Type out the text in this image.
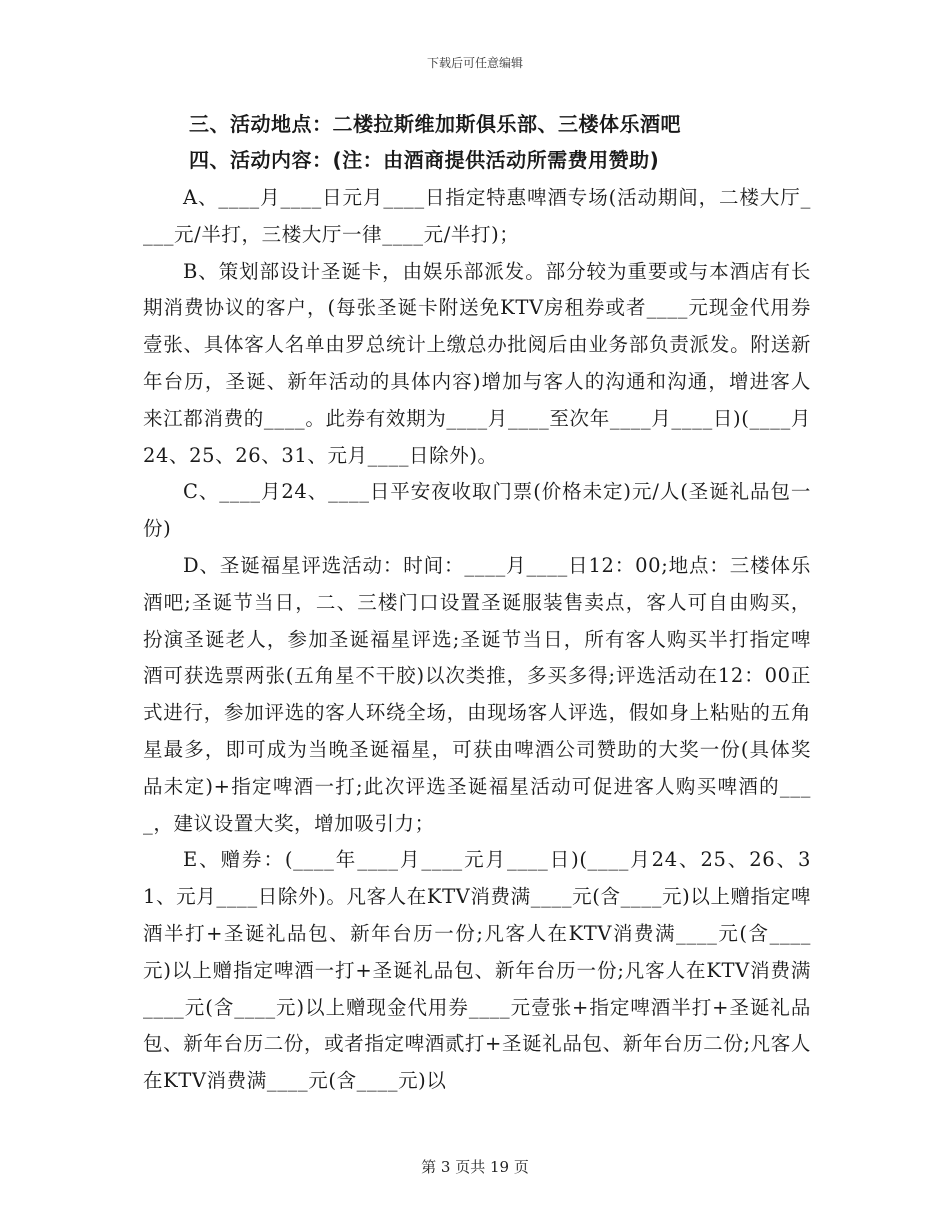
下载后可任意编辑
三、活动地点：二楼拉斯维加斯俱乐部、三楼体乐酒吧
四、活动内容：(注：由酒商提供活动所需费用赞助)

A、____月____日元月____日指定特惠啤酒专场(活动期间，二楼大厅____元/半打，三楼大厅一律____元/半打)；

B、策划部设计圣诞卡，由娱乐部派发。部分较为重要或与本酒店有长期消费协议的客户，(每张圣诞卡附送免KTV房租券或者____元现金代用券壹张、具体客人名单由罗总统计上缴总办批阅后由业务部负责派发。附送新年台历，圣诞、新年活动的具体内容)增加与客人的沟通和沟通，增进客人来江都消费的____。此券有效期为____月____至次年____月____日)(____月24、25、26、31、元月____日除外)。

C、____月24、____日平安夜收取门票(价格未定)元/人(圣诞礼品包一份)

D、圣诞福星评选活动：时间：____月____日12：00;地点：三楼体乐酒吧;圣诞节当日，二、三楼门口设置圣诞服装售卖点，客人可自由购买，扮演圣诞老人，参加圣诞福星评选;圣诞节当日，所有客人购买半打指定啤酒可获选票两张(五角星不干胶)以次类推，多买多得;评选活动在12：00正式进行，参加评选的客人环绕全场，由现场客人评选，假如身上粘贴的五角星最多，即可成为当晚圣诞福星，可获由啤酒公司赞助的大奖一份(具体奖品未定)+指定啤酒一打;此次评选圣诞福星活动可促进客人购买啤酒的____，建议设置大奖，增加吸引力；

E、赠券：(____年____月____元月____日)(____月24、25、26、31、元月____日除外)。凡客人在KTV消费满____元(含____元)以上赠指定啤酒半打+圣诞礼品包、新年台历一份;凡客人在KTV消费满____元(含____元)以上赠指定啤酒一打+圣诞礼品包、新年台历一份;凡客人在KTV消费满____元(含____元)以上赠现金代用券____元壹张+指定啤酒半打+圣诞礼品包、新年台历二份，或者指定啤酒贰打+圣诞礼品包、新年台历二份;凡客人在KTV消费满____元(含____元)以

第 3 页共 19 页
